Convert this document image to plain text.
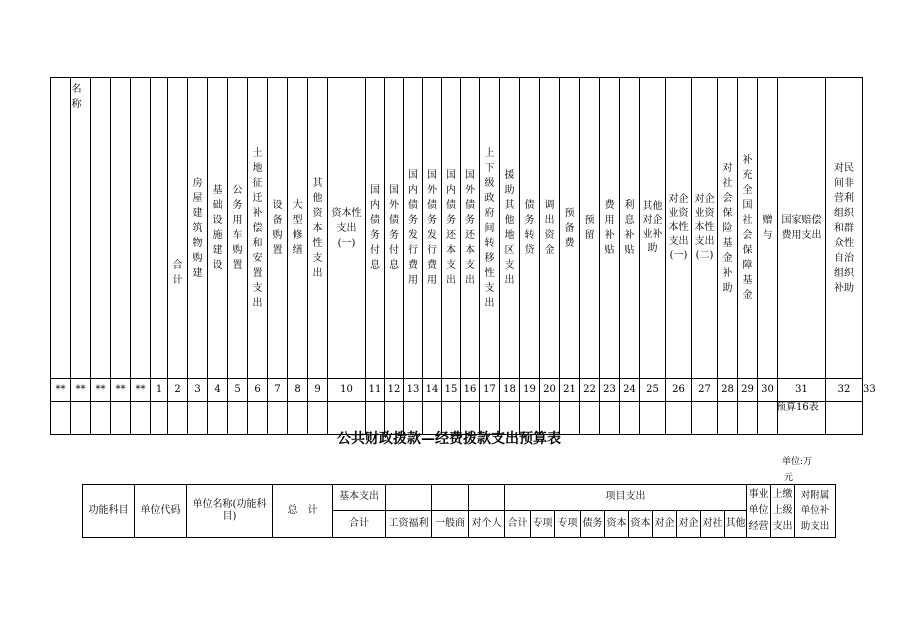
	名称					合计	房屋建筑物购建	基础设施建设	公务用车购置	土地征迁补偿和安置支出	设备购置	大型修缮	其他资本性支出	资本性支出(一)	国内债务付息	国外债务付息	国内债务发行费用	国外债务发行费用	国内债务还本支出	国外债务还本支出	上下级政府间转移性支出	援助其他地区支出	债务转贷	调出资金	预备费	预留	费用补贴	利息补贴	其他对企业补助	对企业资本性支出(一)	对企业资本性支出(二)	对社会保险基金补助	补充全国社会保障基金	赠与	国家赔偿费用支出	对民间非营利组织和群众性自治组织补助	
**	**	**	**	**	1	2	3	4	5	6	7	8	9	10	11	12	13	14	15	16	17	18	19	20	21	22	23	24	25	26	27	28	29	30	31	32	33

预算16表
公共财政拨款—经费拨款支出预算表
单位:万
元
功能科目	单位代码	单位名称(功能科目)	总　计	基本支出				项目支出										事业单位经营	上缴上级支出	对附属单位补助支出
				合计	工资福利	一般商	对个人	合计	专项	专项	债务	资本	资本	对企	对企	对社	其他			
